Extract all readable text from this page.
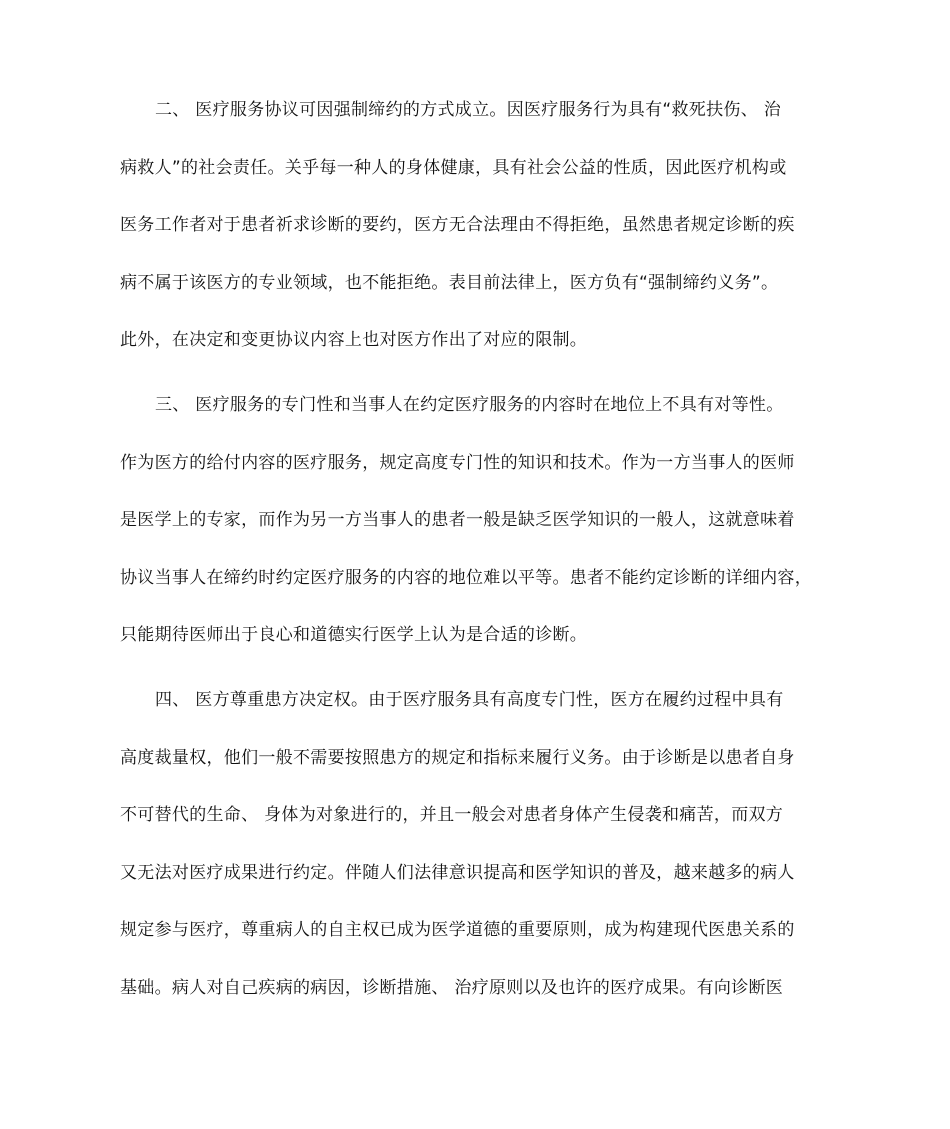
二、 医疗服务协议可因强制缔约的方式成立。因医疗服务行为具有“救死扶伤、 治
病救人”的社会责任。关乎每一种人的身体健康，具有社会公益的性质，因此医疗机构或
医务工作者对于患者祈求诊断的要约，医方无合法理由不得拒绝，虽然患者规定诊断的疾
病不属于该医方的专业领域，也不能拒绝。表目前法律上，医方负有“强制缔约义务”。
此外，在决定和变更协议内容上也对医方作出了对应的限制。
三、 医疗服务的专门性和当事人在约定医疗服务的内容时在地位上不具有对等性。
作为医方的给付内容的医疗服务，规定高度专门性的知识和技术。作为一方当事人的医师
是医学上的专家，而作为另一方当事人的患者一般是缺乏医学知识的一般人，这就意味着
协议当事人在缔约时约定医疗服务的内容的地位难以平等。患者不能约定诊断的详细内容，
只能期待医师出于良心和道德实行医学上认为是合适的诊断。
四、 医方尊重患方决定权。由于医疗服务具有高度专门性，医方在履约过程中具有
高度裁量权，他们一般不需要按照患方的规定和指标来履行义务。由于诊断是以患者自身
不可替代的生命、 身体为对象进行的，并且一般会对患者身体产生侵袭和痛苦，而双方
又无法对医疗成果进行约定。伴随人们法律意识提高和医学知识的普及，越来越多的病人
规定参与医疗，尊重病人的自主权已成为医学道德的重要原则，成为构建现代医患关系的
基础。病人对自己疾病的病因，诊断措施、 治疗原则以及也许的医疗成果。有向诊断医
